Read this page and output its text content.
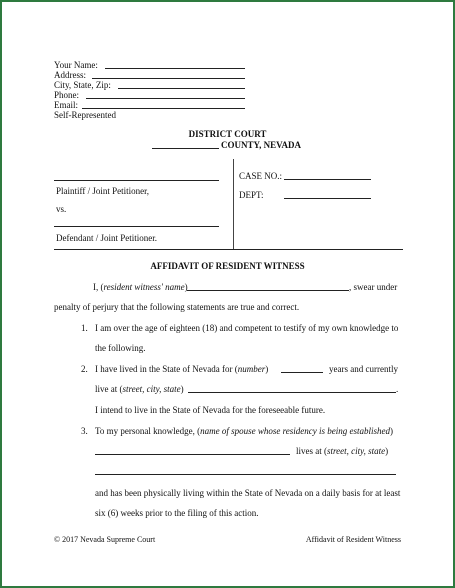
Your Name:
Address:
City, State, Zip:
Phone:
Email:
Self-Represented
DISTRICT COURT
COUNTY, NEVADA
Plaintiff / Joint Petitioner,
vs.
Defendant / Joint Petitioner.
CASE NO.:
DEPT:
AFFIDAVIT OF RESIDENT WITNESS
I, (resident witness' name)	, swear under
penalty of perjury that the following statements are true and correct.
1. I am over the age of eighteen (18) and competent to testify of my own knowledge to
the following.
2. I have lived in the State of Nevada for (number)	years and currently
live at (street, city, state)	.
I intend to live in the State of Nevada for the foreseeable future.
3. To my personal knowledge, (name of spouse whose residency is being established)
lives at (street, city, state)
and has been physically living within the State of Nevada on a daily basis for at least
six (6) weeks prior to the filing of this action.
© 2017 Nevada Supreme Court	Affidavit of Resident Witness
